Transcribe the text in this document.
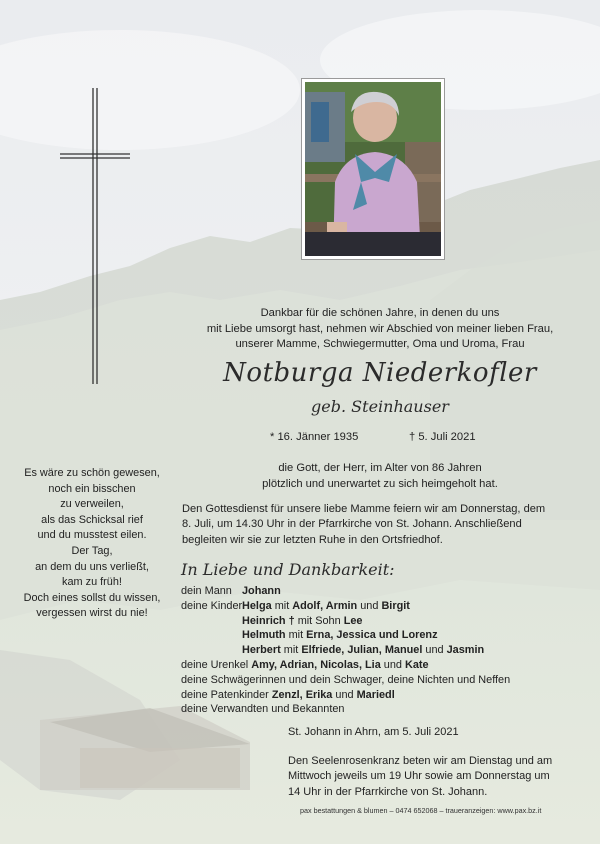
Dankbar für die schönen Jahre, in denen du uns
mit Liebe umsorgt hast, nehmen wir Abschied von meiner lieben Frau,
unserer Mamme, Schwiegermutter, Oma und Uroma, Frau
Notburga Niederkofler
geb. Steinhauser
* 16. Jänner 1935	† 5. Juli 2021
die Gott, der Herr, im Alter von 86 Jahren
plötzlich und unerwartet zu sich heimgeholt hat.
Den Gottesdienst für unsere liebe Mamme feiern wir am Donnerstag, dem
8. Juli, um 14.30 Uhr in der Pfarrkirche von St. Johann. Anschließend
begleiten wir sie zur letzten Ruhe in den Ortsfriedhof.
Es wäre zu schön gewesen,
noch ein bisschen
zu verweilen,
als das Schicksal rief
und du musstest eilen.
Der Tag,
an dem du uns verließt,
kam zu früh!
Doch eines sollst du wissen,
vergessen wirst du nie!
In Liebe und Dankbarkeit:
dein Mann Johann
deine Kinder Helga mit Adolf, Armin und Birgit
Heinrich † mit Sohn Lee
Helmuth mit Erna, Jessica und Lorenz
Herbert mit Elfriede, Julian, Manuel und Jasmin
deine Urenkel Amy, Adrian, Nicolas, Lia und Kate
deine Schwägerinnen und dein Schwager, deine Nichten und Neffen
deine Patenkinder Zenzl, Erika und Mariedl
deine Verwandten und Bekannten
St. Johann in Ahrn, am 5. Juli 2021
Den Seelenrosenkranz beten wir am Dienstag und am
Mittwoch jeweils um 19 Uhr sowie am Donnerstag um
14 Uhr in der Pfarrkirche von St. Johann.
pax bestattungen & blumen – 0474 652068 – traueranzeigen: www.pax.bz.it
